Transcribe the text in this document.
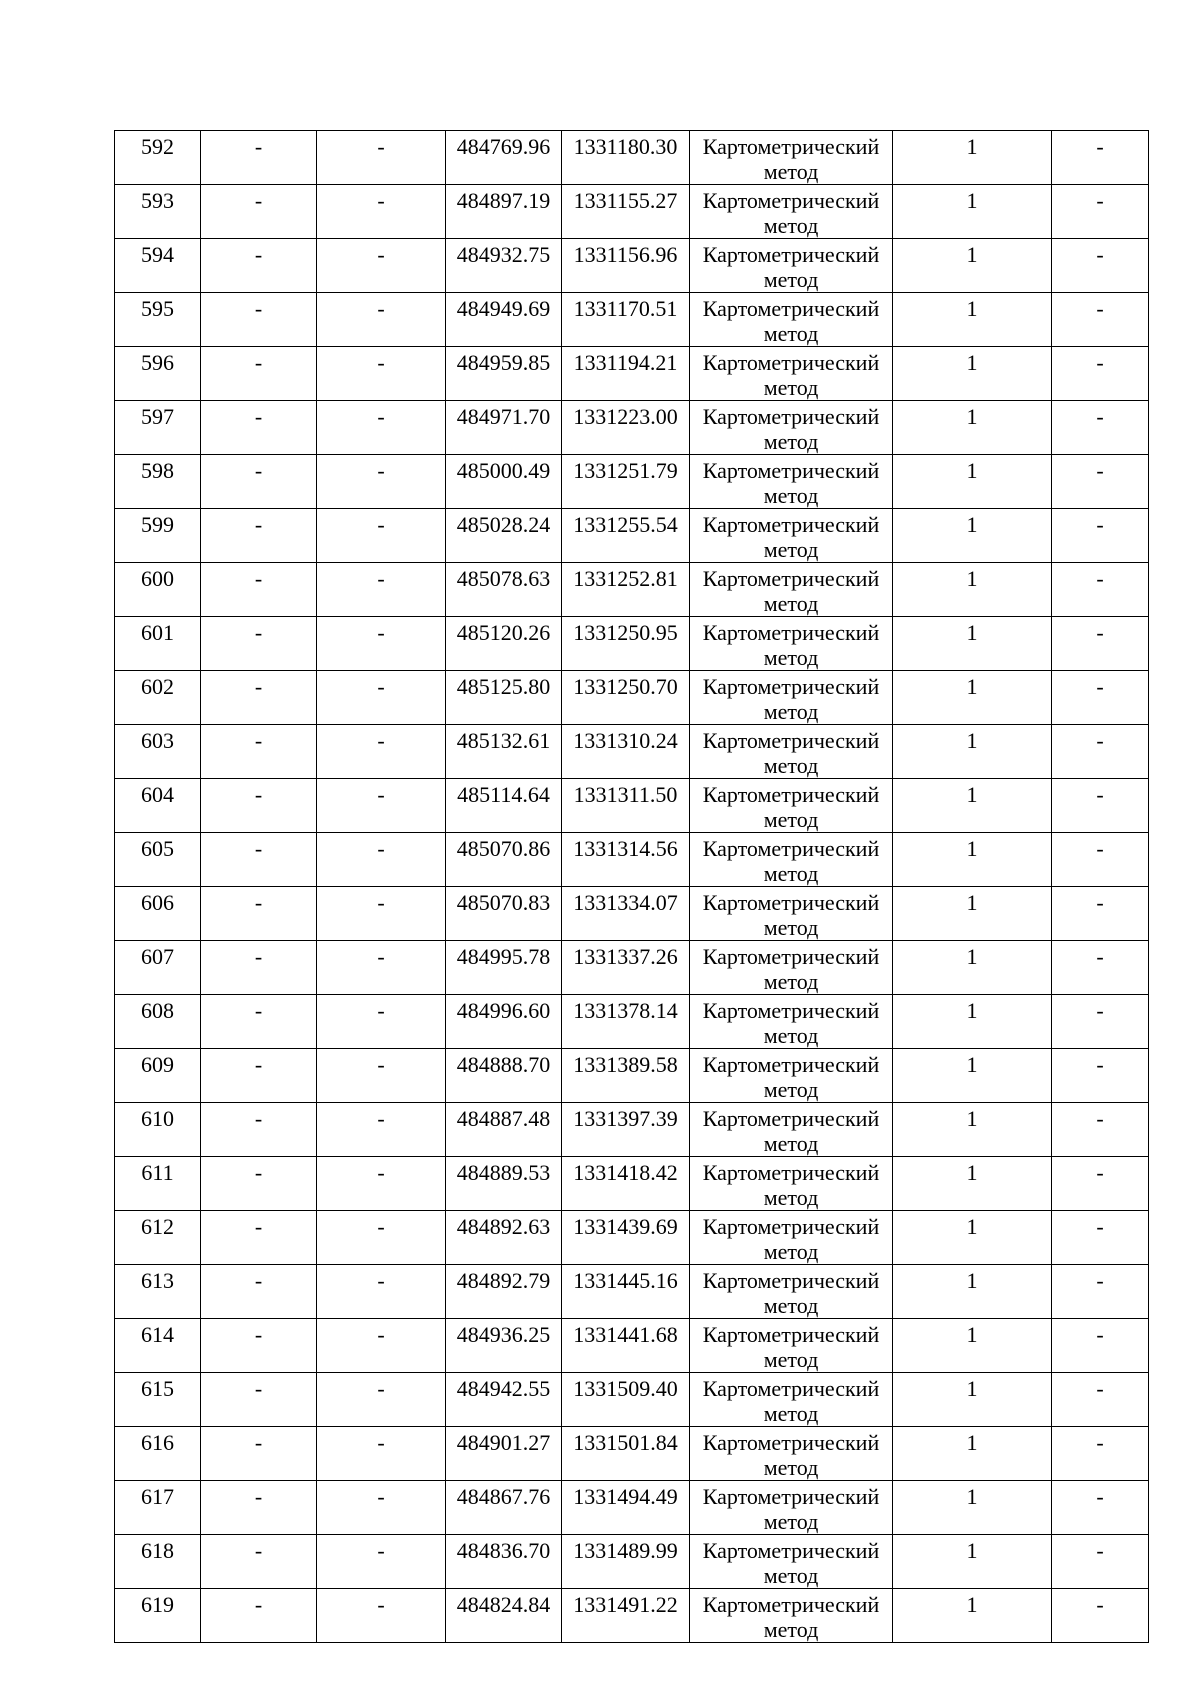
592	-	-	484769.96	1331180.30	Картометрический
метод	1	-
593	-	-	484897.19	1331155.27	Картометрический
метод	1	-
594	-	-	484932.75	1331156.96	Картометрический
метод	1	-
595	-	-	484949.69	1331170.51	Картометрический
метод	1	-
596	-	-	484959.85	1331194.21	Картометрический
метод	1	-
597	-	-	484971.70	1331223.00	Картометрический
метод	1	-
598	-	-	485000.49	1331251.79	Картометрический
метод	1	-
599	-	-	485028.24	1331255.54	Картометрический
метод	1	-
600	-	-	485078.63	1331252.81	Картометрический
метод	1	-
601	-	-	485120.26	1331250.95	Картометрический
метод	1	-
602	-	-	485125.80	1331250.70	Картометрический
метод	1	-
603	-	-	485132.61	1331310.24	Картометрический
метод	1	-
604	-	-	485114.64	1331311.50	Картометрический
метод	1	-
605	-	-	485070.86	1331314.56	Картометрический
метод	1	-
606	-	-	485070.83	1331334.07	Картометрический
метод	1	-
607	-	-	484995.78	1331337.26	Картометрический
метод	1	-
608	-	-	484996.60	1331378.14	Картометрический
метод	1	-
609	-	-	484888.70	1331389.58	Картометрический
метод	1	-
610	-	-	484887.48	1331397.39	Картометрический
метод	1	-
611	-	-	484889.53	1331418.42	Картометрический
метод	1	-
612	-	-	484892.63	1331439.69	Картометрический
метод	1	-
613	-	-	484892.79	1331445.16	Картометрический
метод	1	-
614	-	-	484936.25	1331441.68	Картометрический
метод	1	-
615	-	-	484942.55	1331509.40	Картометрический
метод	1	-
616	-	-	484901.27	1331501.84	Картометрический
метод	1	-
617	-	-	484867.76	1331494.49	Картометрический
метод	1	-
618	-	-	484836.70	1331489.99	Картометрический
метод	1	-
619	-	-	484824.84	1331491.22	Картометрический
метод	1	-
